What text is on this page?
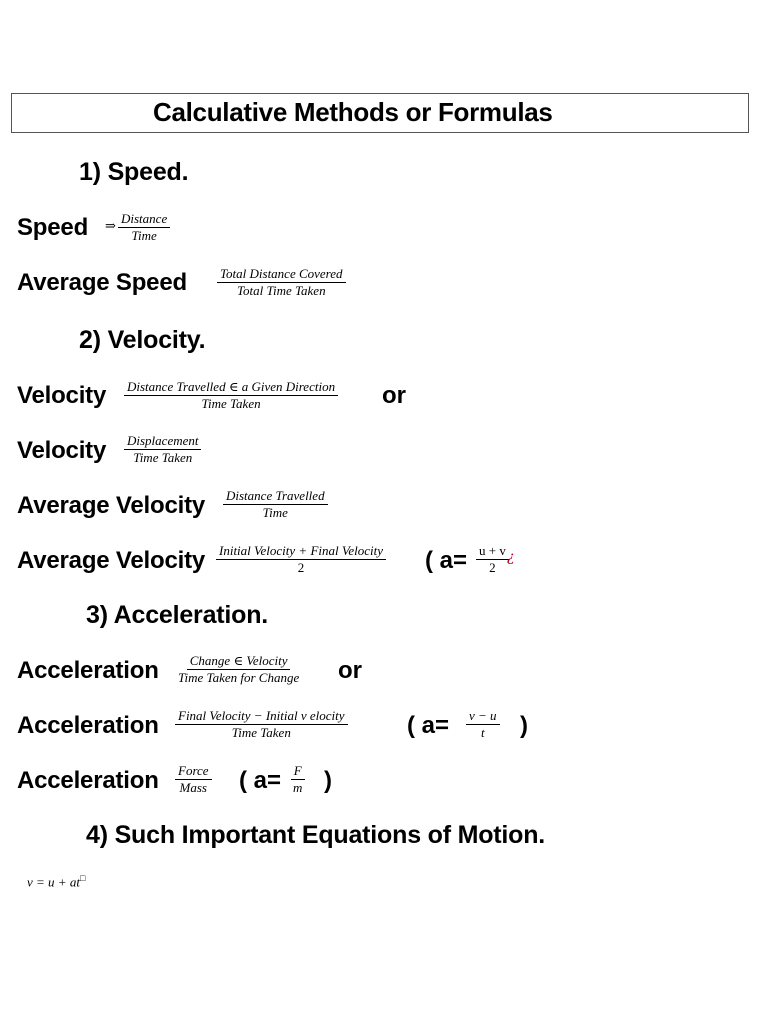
Calculative Methods or Formulas
1) Speed.
Speed ⇒
Distance
Time
Average Speed	Total Distance Covered
Total Time Taken
2) Velocity.
Velocity Distance Travelled ∈ a Given Direction
Time Taken	or
Velocity Displacement
Time Taken
Average Velocity Distance Travelled
Time
Average Velocity Initial Velocity + Final Velocity
2	( $a= \frac{u + v}{2}$
¿
3) Acceleration.
Acceleration Change ∈ Velocity
Time Taken for Change or
Acceleration Final Velocity − Initial v elocity
Time Taken	( $a= \frac{v - u}{t}$ )
Acceleration Force
Mass ( $a= \frac{F}{m}$ )
4) Such Important Equations of Motion.
v = u + at□
